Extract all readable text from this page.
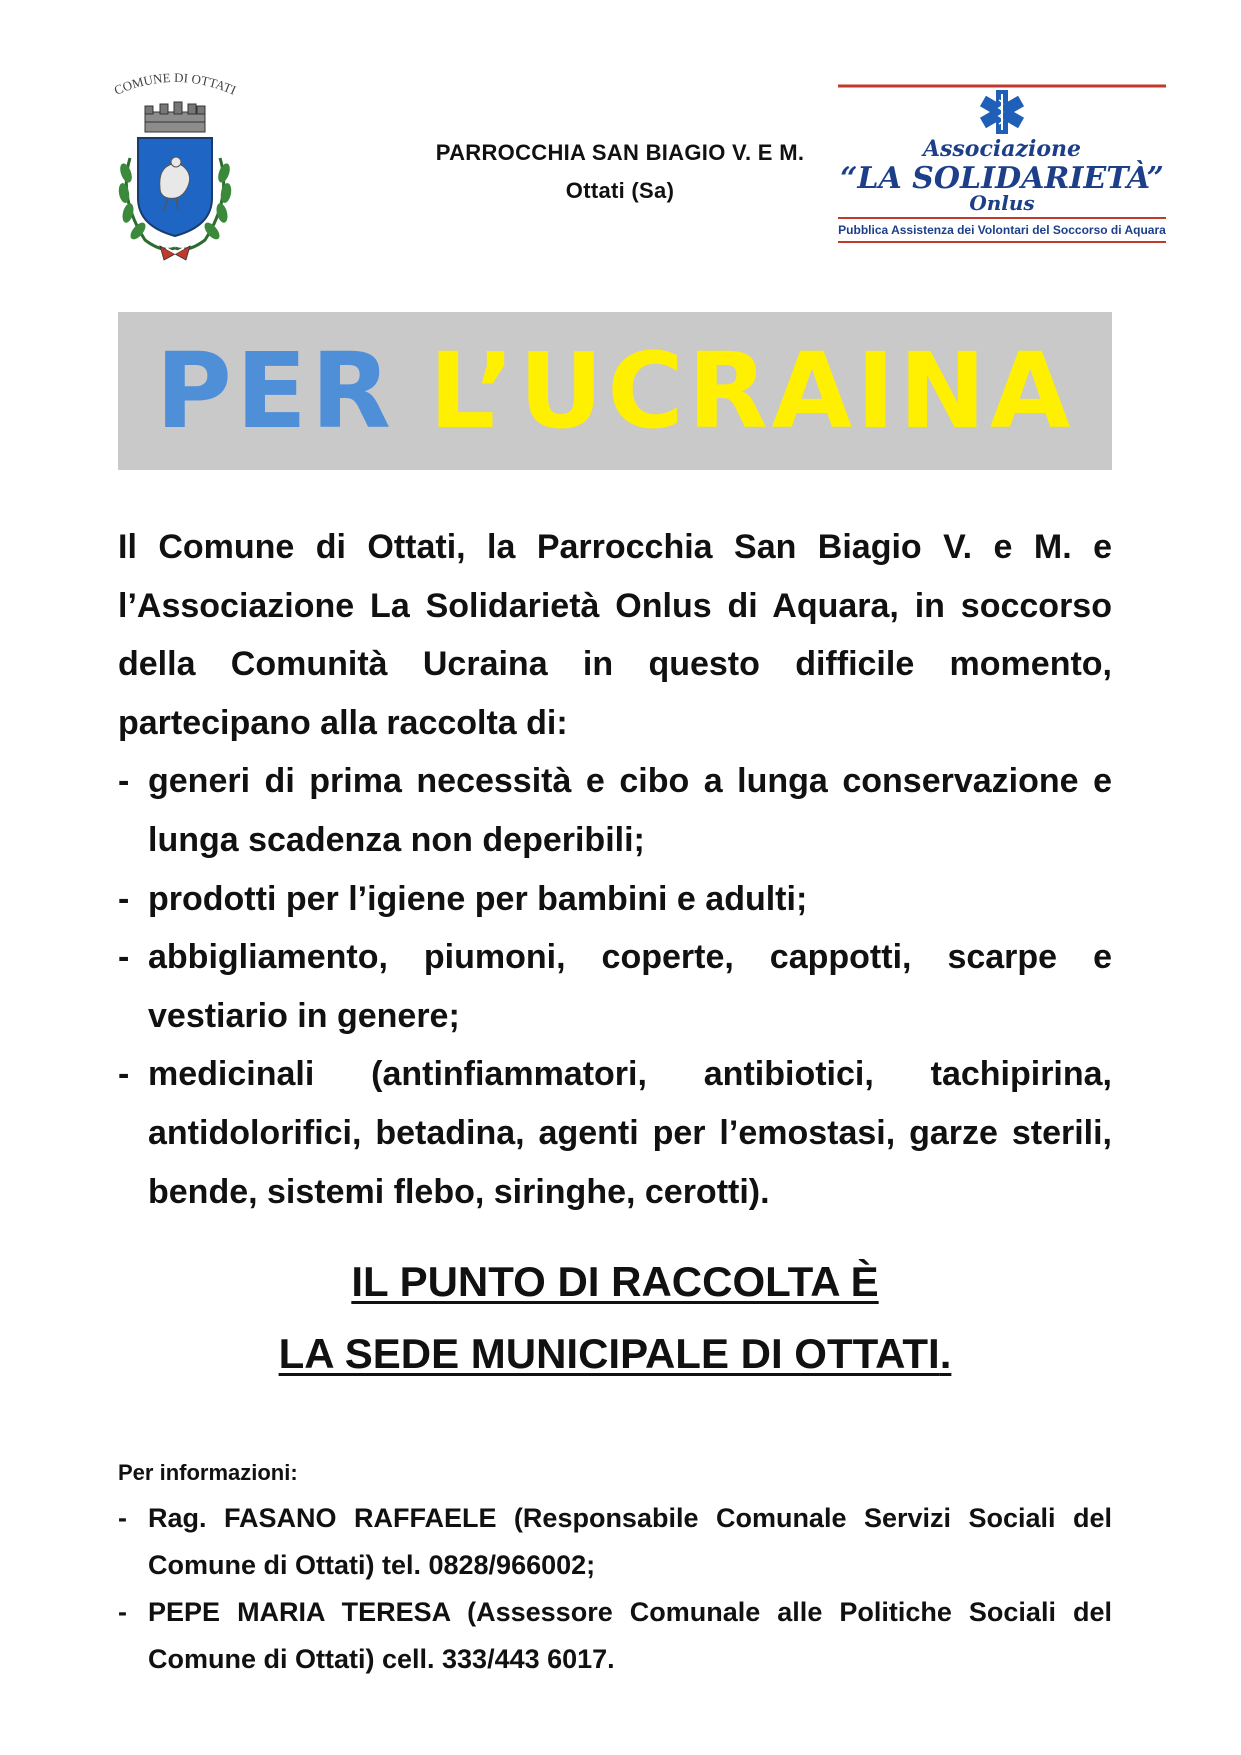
COMUNE DI OTTATI
PARROCCHIA SAN BIAGIO V. E M.
Ottati (Sa)
Associazione
“LA SOLIDARIETÀ”
Onlus
Pubblica Assistenza dei Volontari del Soccorso di Aquara
PER L’UCRAINA
Il Comune di Ottati, la Parrocchia San Biagio V. e M. e l’Associazione La Solidarietà Onlus di Aquara, in soccorso della Comunità Ucraina in questo difficile momento, partecipano alla raccolta di:
- generi di prima necessità e cibo a lunga conservazione e lunga scadenza non deperibili;
- prodotti per l’igiene per bambini e adulti;
- abbigliamento, piumoni, coperte, cappotti, scarpe e vestiario in genere;
- medicinali (antinfiammatori, antibiotici, tachipirina, antidolorifici, betadina, agenti per l’emostasi, garze sterili, bende, sistemi flebo, siringhe, cerotti).
IL PUNTO DI RACCOLTA È
LA SEDE MUNICIPALE DI OTTATI.
Per informazioni:
- Rag. FASANO RAFFAELE (Responsabile Comunale Servizi Sociali del Comune di Ottati) tel. 0828/966002;
- PEPE MARIA TERESA (Assessore Comunale alle Politiche Sociali del Comune di Ottati) cell. 333/443 6017.
